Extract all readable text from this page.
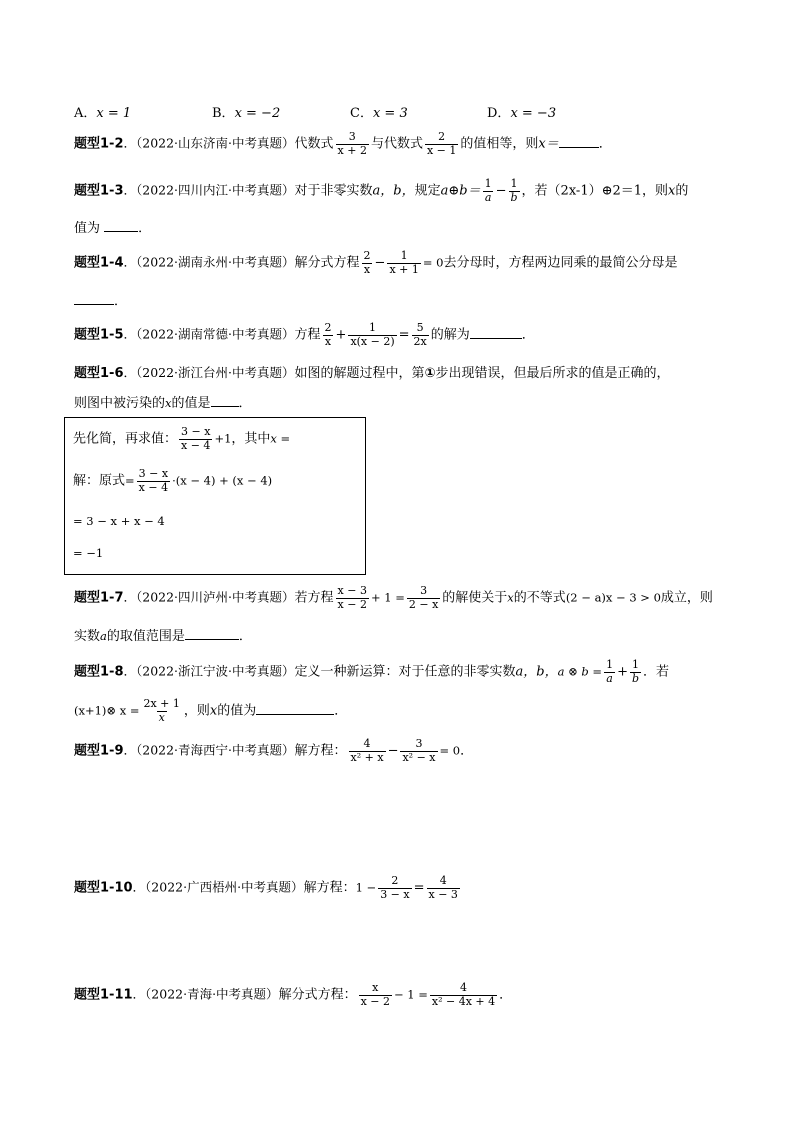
A．x = 1	B．x = −2	C．x = 3	D．x = −3
题型1-2．（2022·山东济南·中考真题）代数式 $\frac{3}{x + 2}$ 与代数式 $\frac{2}{x - 1}$ 的值相等，则x＝	．
题型1-3．（2022·四川内江·中考真题）对于非零实数a，b，规定a⊕b＝ $\frac{1}{a} - \frac{1}{b}$ ，若（2x-1）⊕2＝1，则x的
值为	．
题型1-4．（2022·湖南永州·中考真题）解分式方程 $\frac{2}{x} - \frac{1}{x + 1} = 0$去分母时，方程两边同乘的最简公分母是
．
题型1-5．（2022·湖南常德·中考真题）方程 $\frac{2}{x} + \frac{1}{x(x - 2)} = \frac{5}{2x}$ 的解为	．
题型1-6．（2022·浙江台州·中考真题）如图的解题过程中，第①步出现错误，但最后所求的值是正确的，
则图中被污染的x的值是 ．
先化简，再求值： $\frac{3 - x}{x - 4} +1$，其中x =
解：原式= $\frac{3 - x}{x - 4} \cdot(x - 4) + (x - 4)$
= 3 − x + x − 4
= −1
题型1-7．（2022·四川泸州·中考真题）若方程 $\frac{x - 3}{x - 2} + 1 = \frac{3}{2 - x}$ 的解使关于x的不等式(2 − a)x − 3 > 0成立，则
实数a的取值范围是	．
题型1-8．（2022·浙江宁波·中考真题）定义一种新运算：对于任意的非零实数a，b，a ⊗ $b = \frac{1}{a} + \frac{1}{b}$ ．若
(x+1)⊗ $x = \frac{2x + 1}{x}$ ，则x的值为	．
题型1-9．（2022·青海西宁·中考真题）解方程： $\frac{4}{\text{x² + x}} - \frac{3}{\text{x² − x}} = 0$．
题型1-10．（2022·广西梧州·中考真题）解方程：$1 - \frac{2}{3 - x} = \frac{4}{x - 3}$
题型1-11．（2022·青海·中考真题）解分式方程： $\frac{x}{x - 2} - 1 = \frac{4}{\text{x² − 4x + 4}}$ ．
